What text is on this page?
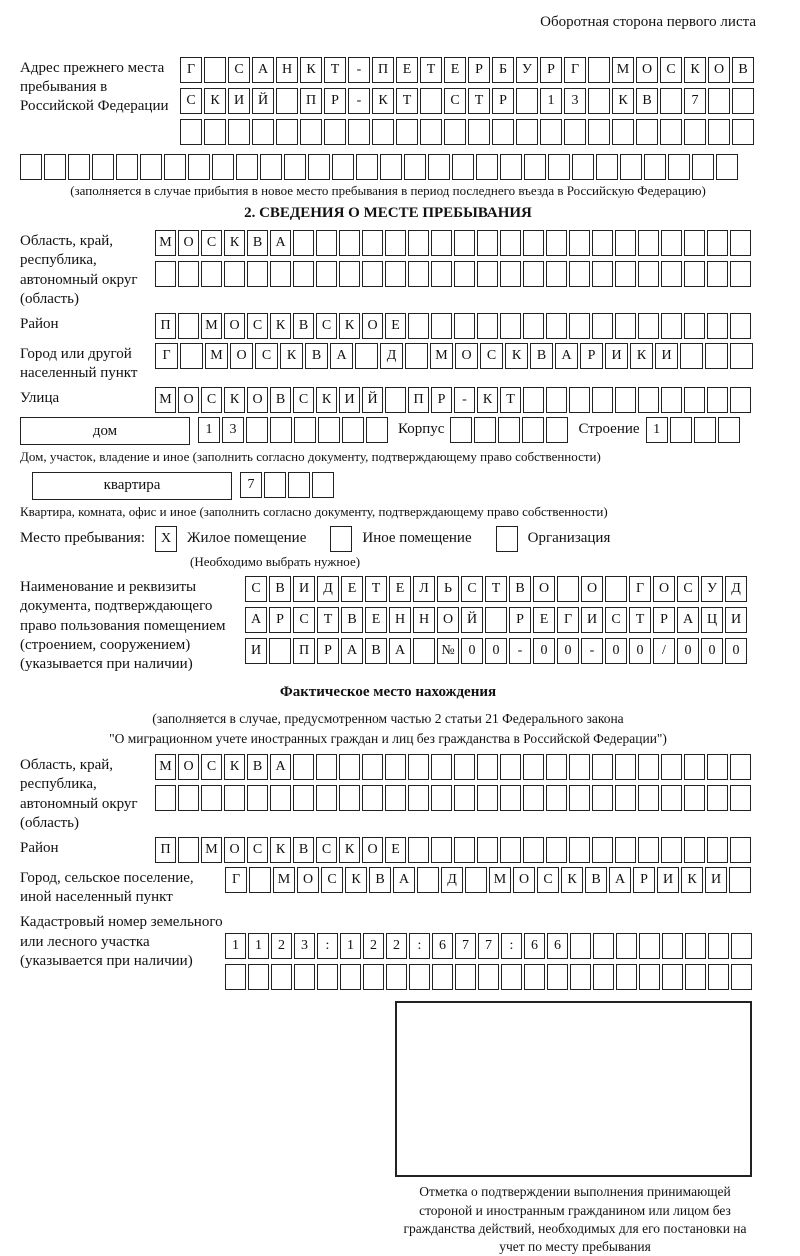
Оборотная сторона первого листа
Адрес прежнего места пребывания в Российской Федерации
Г	С	А Н	К	Т	-	П	Е	Т	Е	Р	Б	У	Р	Г	М О	С	К	О	В
С	К	И Й	П	Р	-	К	Т	С	Т	Р	1	3	К	В	7
(заполняется в случае прибытия в новое место пребывания в период последнего въезда в Российскую Федерацию)
2. СВЕДЕНИЯ О МЕСТЕ ПРЕБЫВАНИЯ
Область, край, республика, автономный округ (область)
М О С К В А
Район	П	М О С К В С К О Е
Город или другой населенный пункт
Г	М О	С	К	В	А	Д	М О	С	К	В	А	Р	И	К	И
Улица	М О С К О В С К И Й	П	Р	-	К	Т
дом	1	3	Корпус	Строение 1
Дом, участок, владение и иное (заполнить согласно документу, подтверждающему право собственности)
квартира	7
Квартира, комната, офис и иное (заполнить согласно документу, подтверждающему право собственности)
Место пребывания:	X	Жилое помещение	Иное помещение	Организация
(Необходимо выбрать нужное)
Наименование и реквизиты документа, подтверждающего право пользования помещением (строением, сооружением) (указывается при наличии)
С	В	И	Д	Е	Т	Е	Л	Ь	С	Т	В	О	О	Г	О	С	У	Д
А	Р	С	Т	В	Е	Н Н О Й	Р	Е	Г	И	С	Т	Р	А Ц И
И	П	Р	А	В	А	№ 0	0	-	0	0	-	0	0	/	0	0	0
Фактическое место нахождения
(заполняется в случае, предусмотренном частью 2 статьи 21 Федерального закона
"О миграционном учете иностранных граждан и лиц без гражданства в Российской Федерации")
Область, край, республика, автономный округ (область)
М О С К В А
Район	П	М О С К В С К О Е
Город, сельское поселение, иной населенный пункт
Г	М О	С	К	В	А	Д	М О	С	К	В	А	Р	И	К	И
Кадастровый номер земельного или лесного участка (указывается при наличии)
1	1	2	3	:	1	2	2	:	6	7	7	:	6	6
Отметка о подтверждении выполнения принимающей стороной и иностранным гражданином или лицом без гражданства действий, необходимых для его постановки на учет по месту пребывания
